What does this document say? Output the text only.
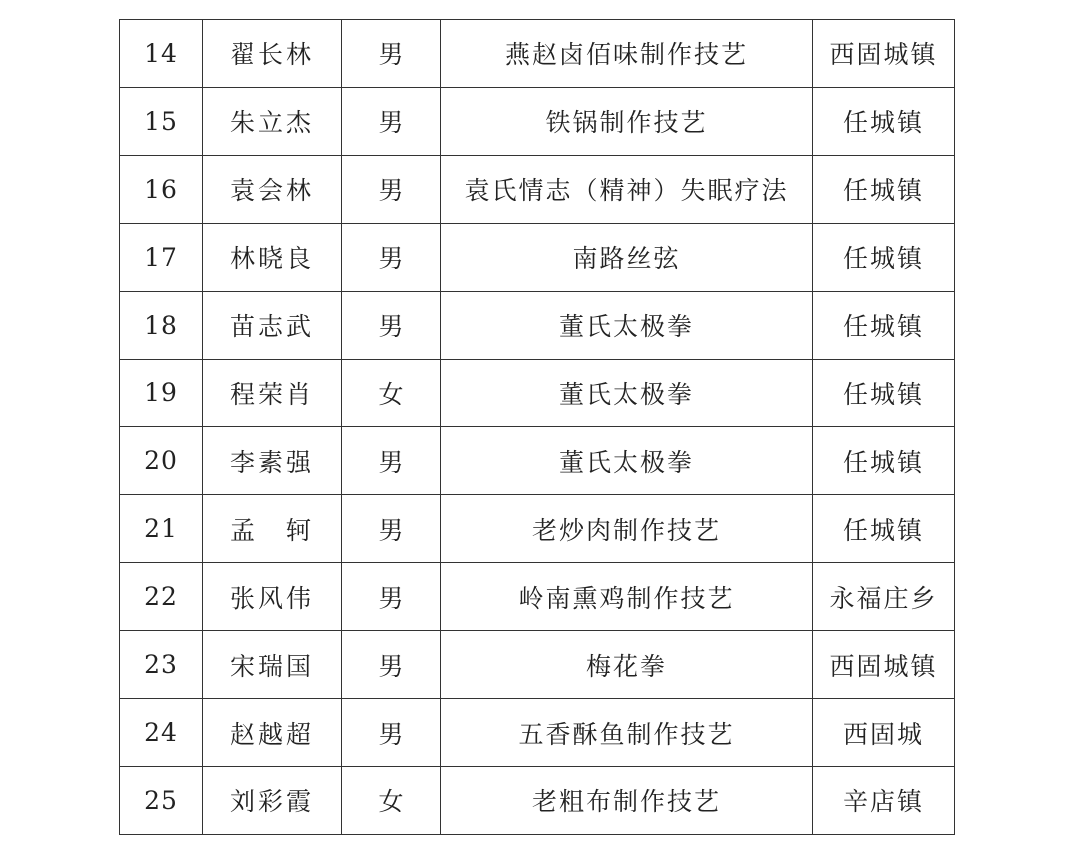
14	翟长林	男	燕赵卤佰味制作技艺	西固城镇
15	朱立杰	男	铁锅制作技艺	任城镇
16	袁会林	男	袁氏情志（精神）失眠疗法	任城镇
17	林晓良	男	南路丝弦	任城镇
18	苗志武	男	董氏太极拳	任城镇
19	程荣肖	女	董氏太极拳	任城镇
20	李素强	男	董氏太极拳	任城镇
21	孟　轲	男	老炒肉制作技艺	任城镇
22	张风伟	男	岭南熏鸡制作技艺	永福庄乡
23	宋瑞国	男	梅花拳	西固城镇
24	赵越超	男	五香酥鱼制作技艺	西固城
25	刘彩霞	女	老粗布制作技艺	辛店镇
